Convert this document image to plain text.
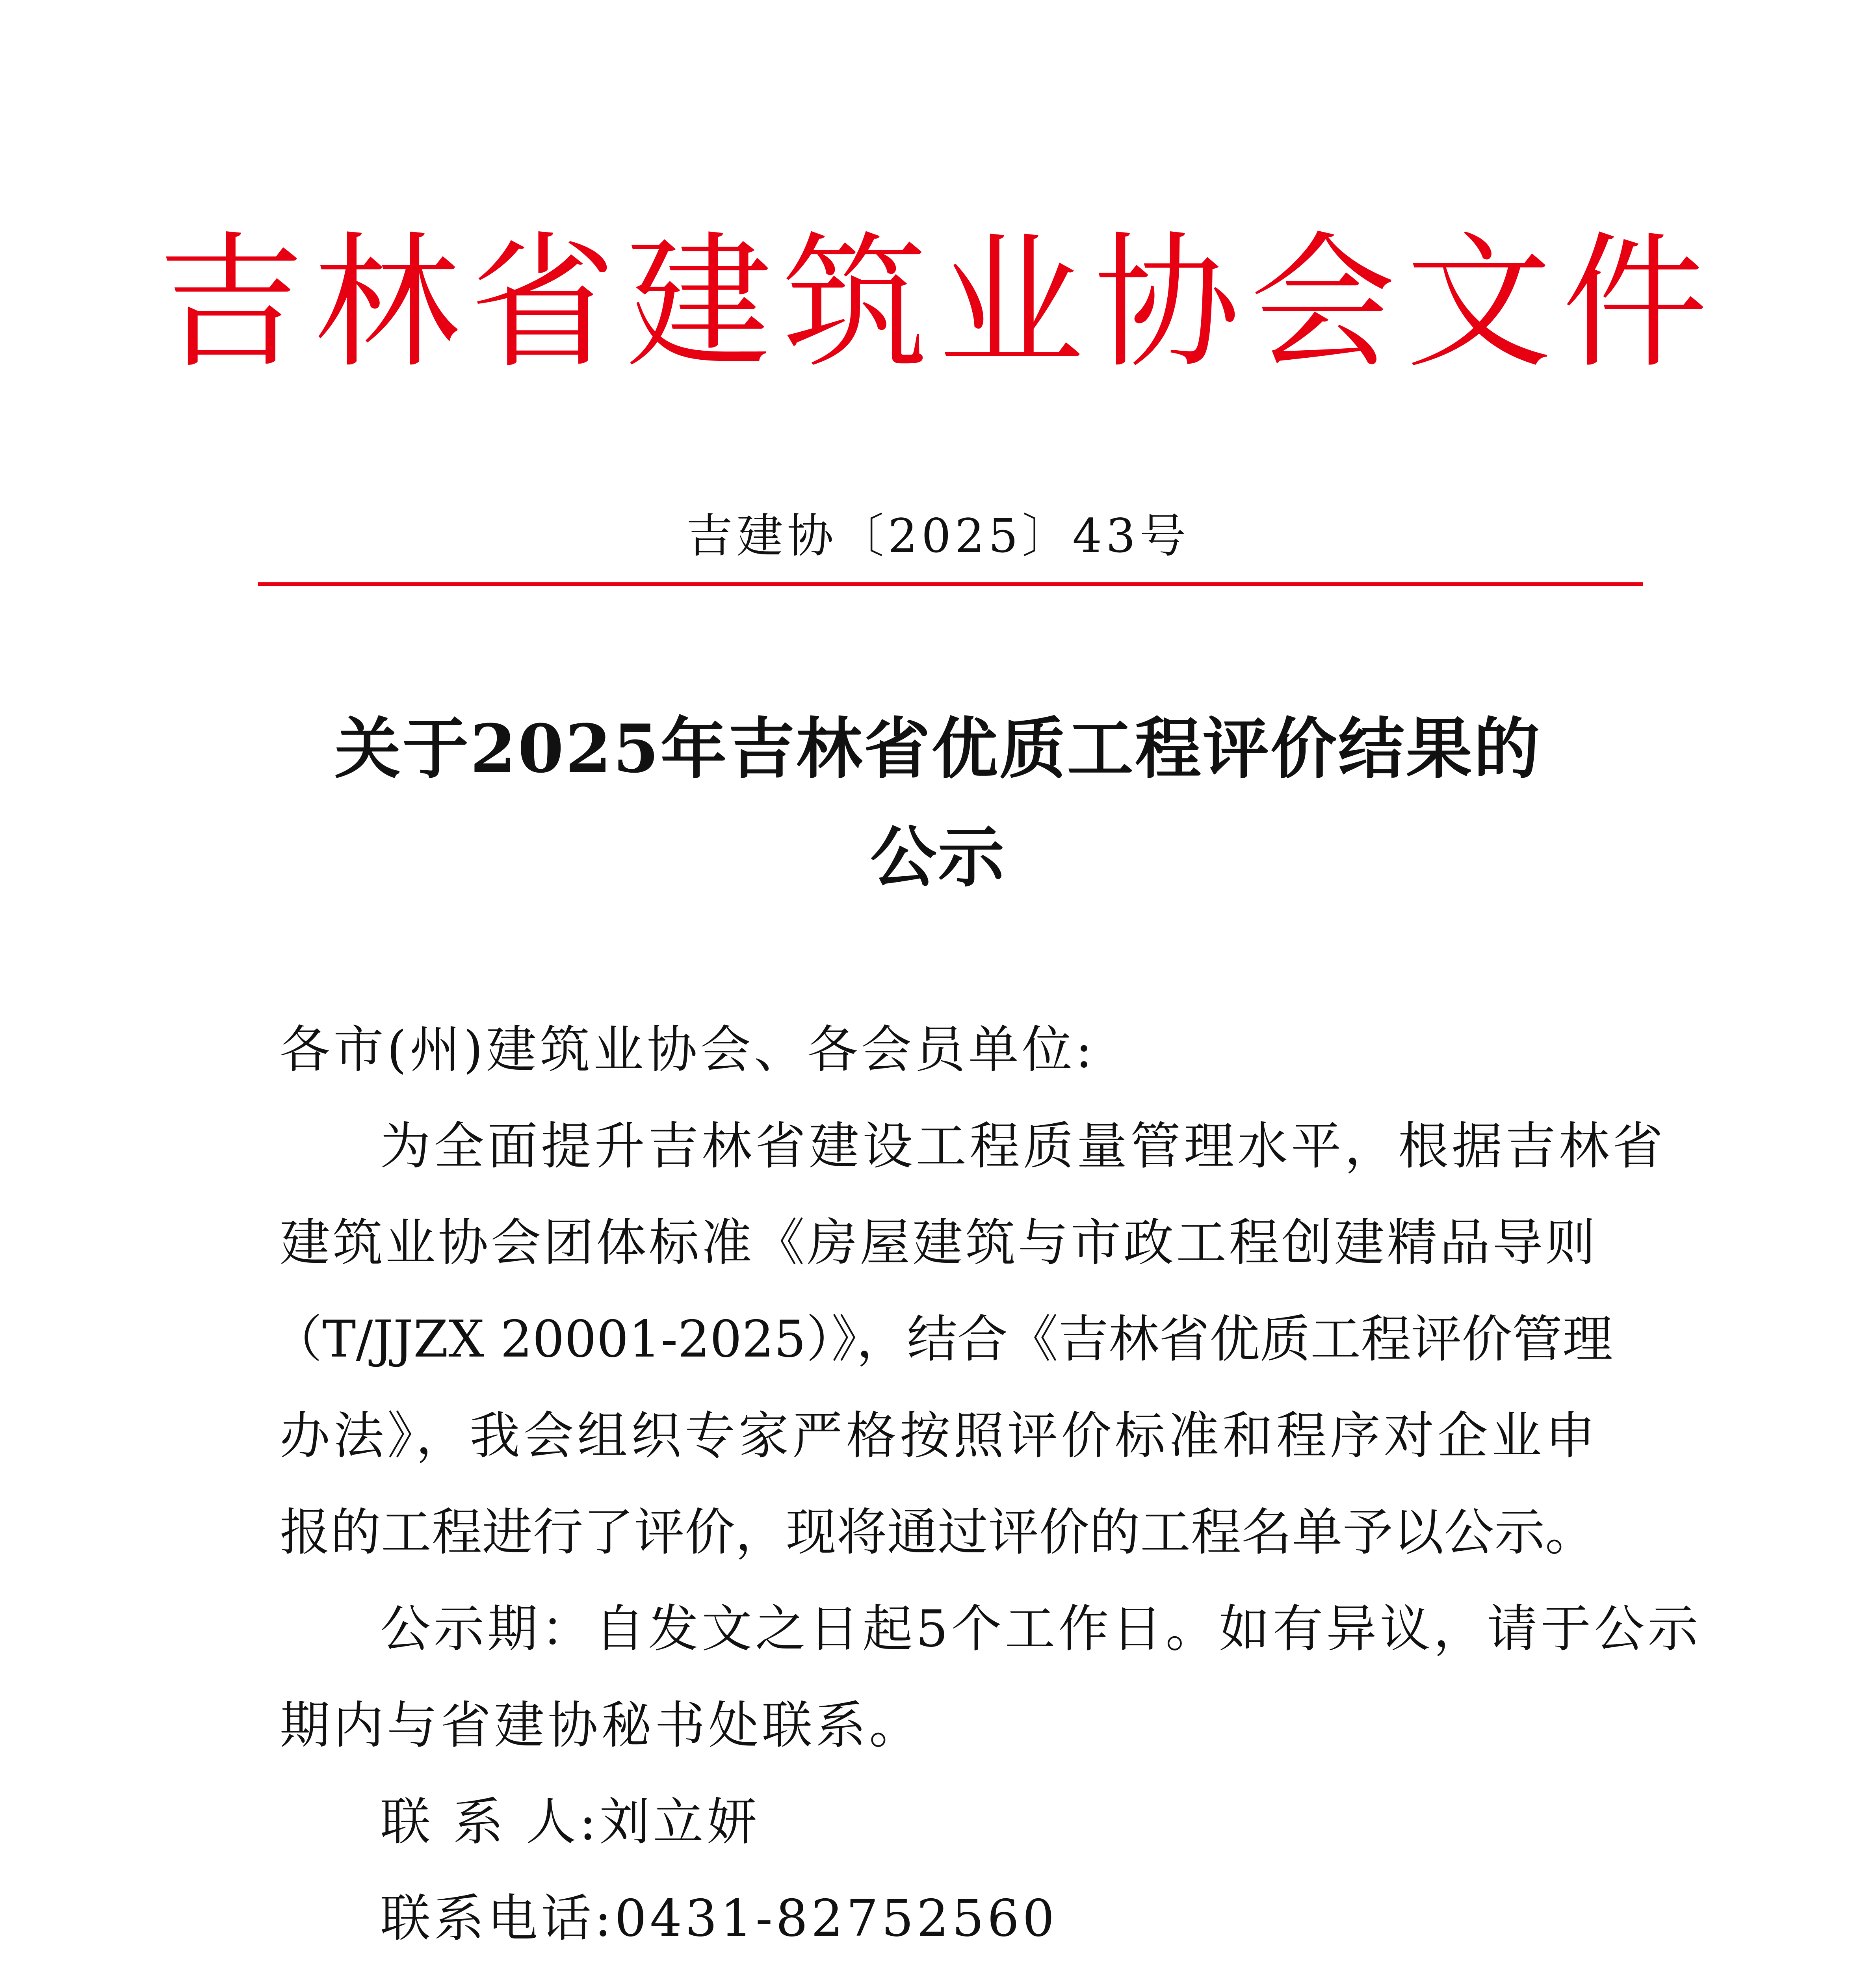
吉林省建筑业协会文件
吉建协〔2025〕43号
关于2025年吉林省优质工程评价结果的
公示
各市(州)建筑业协会、各会员单位:
为全面提升吉林省建设工程质量管理水平，根据吉林省
建筑业协会团体标准《房屋建筑与市政工程创建精品导则
（T/JJZX 20001-2025）》，结合《吉林省优质工程评价管理
办法》，我会组织专家严格按照评价标准和程序对企业申
报的工程进行了评价，现将通过评价的工程名单予以公示。
公示期：自发文之日起5个工作日。如有异议，请于公示
期内与省建协秘书处联系。
联 系 人:刘立妍
联系电话:0431-82752560
